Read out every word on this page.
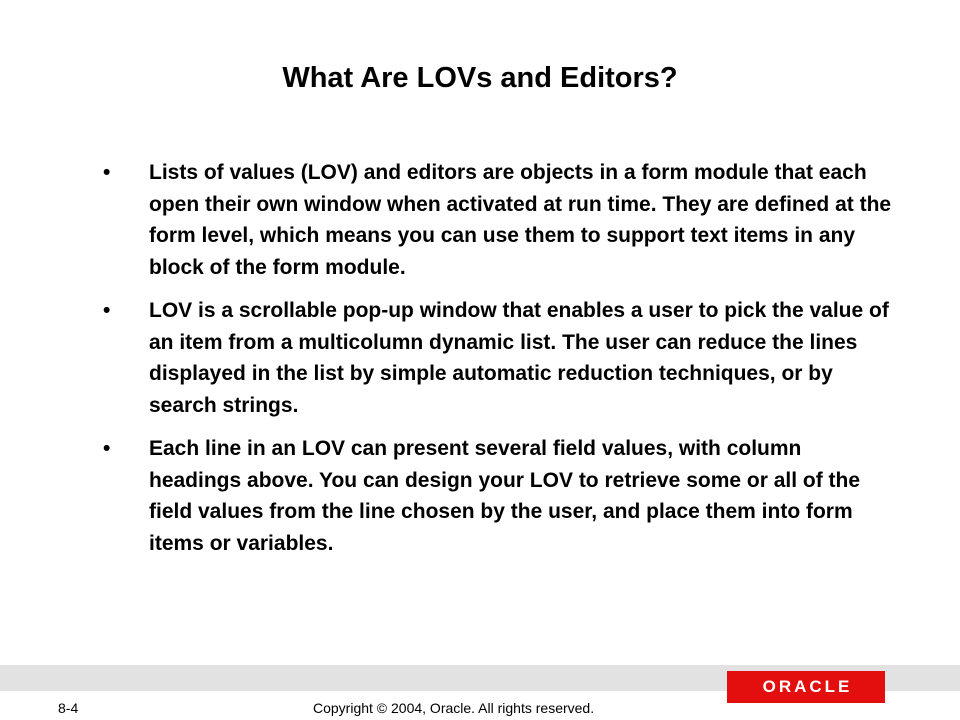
What Are LOVs and Editors?
• Lists of values (LOV) and editors are objects in a form module that each open their own window when activated at run time. They are defined at the form level, which means you can use them to support text items in any block of the form module.
• LOV is a scrollable pop-up window that enables a user to pick the value of an item from a multicolumn dynamic list. The user can reduce the lines displayed in the list by simple automatic reduction techniques, or by search strings.
• Each line in an LOV can present several field values, with column headings above. You can design your LOV to retrieve some or all of the field values from the line chosen by the user, and place them into form items or variables.
ORACLE
8-4	Copyright © 2004, Oracle. All rights reserved.
